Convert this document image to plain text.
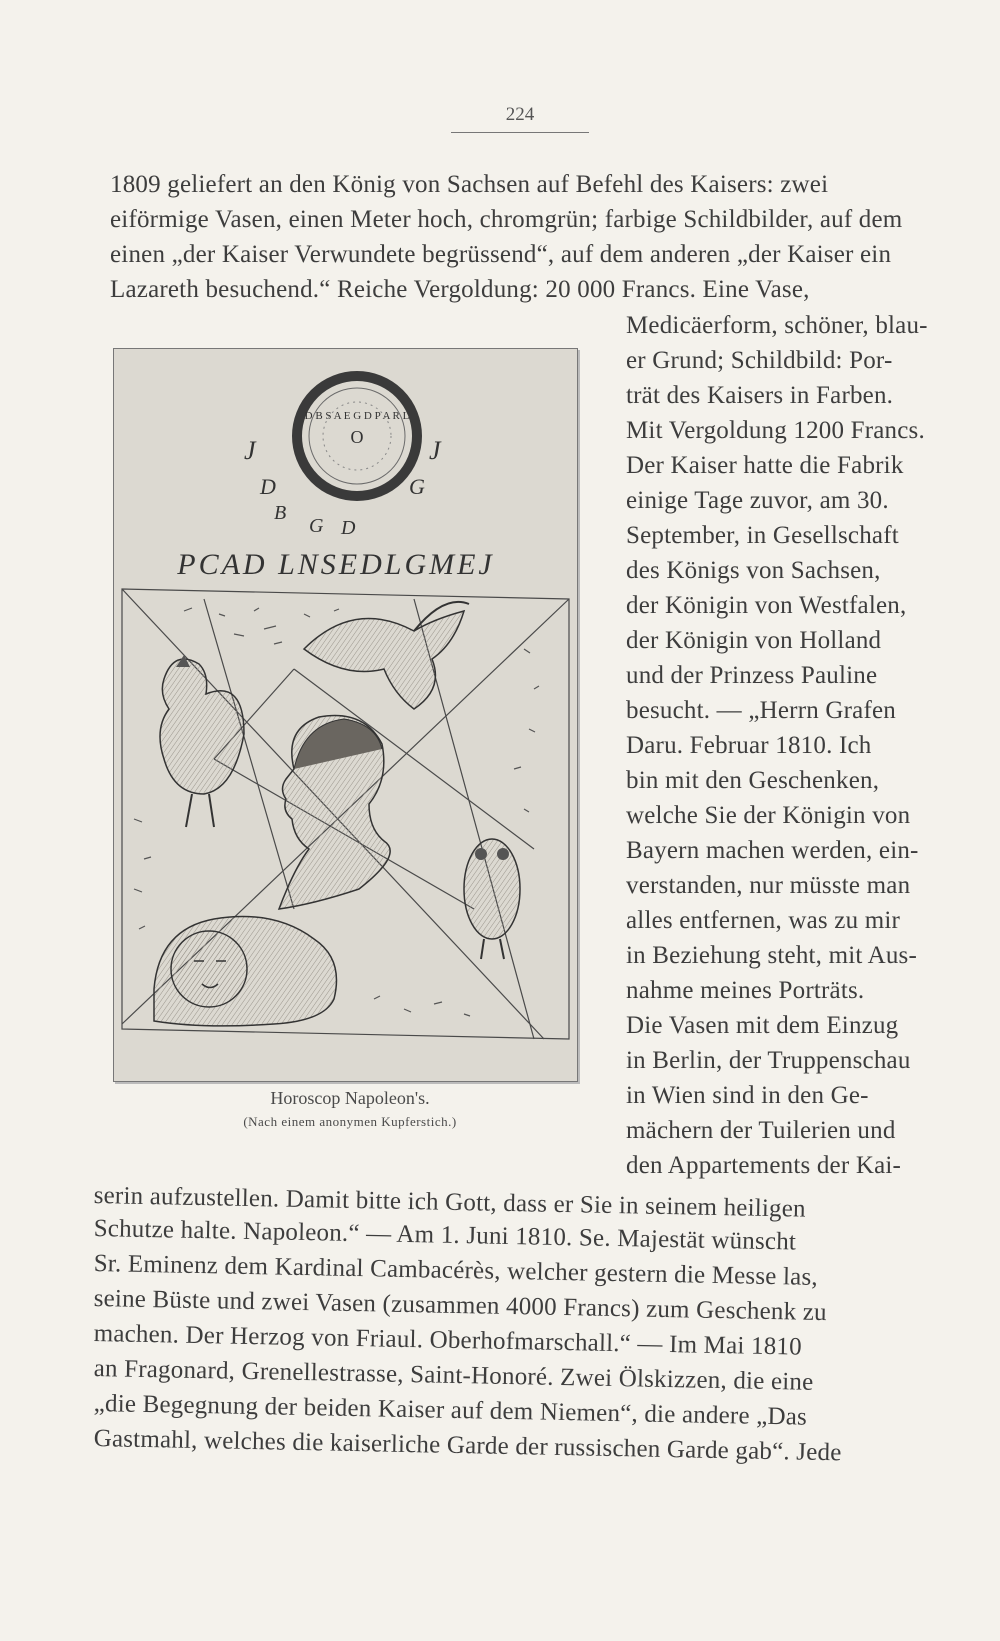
224
1809 geliefert an den König von Sachsen auf Befehl des Kaisers: zwei
eiförmige Vasen, einen Meter hoch, chromgrün; farbige Schildbilder, auf dem
einen „der Kaiser Verwundete begrüssend“, auf dem anderen „der Kaiser ein
Lazareth besuchend.“ Reiche Vergoldung: 20 000 Francs. Eine Vase,
Medicäerform, schöner, blau-
er Grund; Schildbild: Por-
trät des Kaisers in Farben.
Mit Vergoldung 1200 Francs.
Der Kaiser hatte die Fabrik
einige Tage zuvor, am 30.
September, in Gesellschaft
des Königs von Sachsen,
der Königin von Westfalen,
der Königin von Holland
und der Prinzess Pauline
besucht. — „Herrn Grafen
Daru. Februar 1810. Ich
bin mit den Geschenken,
welche Sie der Königin von
Bayern machen werden, ein-
verstanden, nur müsste man
alles entfernen, was zu mir
in Beziehung steht, mit Aus-
nahme meines Porträts.
Die Vasen mit dem Einzug
in Berlin, der Truppenschau
in Wien sind in den Ge-
mächern der Tuilerien und
den Appartements der Kai-
D B S A E G D P A R L
O
J
D
B
G D
J
G
PCAD LNSEDLGMEJ
Horoscop Napoleon's.
(Nach einem anonymen Kupferstich.)
serin aufzustellen. Damit bitte ich Gott, dass er Sie in seinem heiligen
Schutze halte. Napoleon.“ — Am 1. Juni 1810. Se. Majestät wünscht
Sr. Eminenz dem Kardinal Cambacérès, welcher gestern die Messe las,
seine Büste und zwei Vasen (zusammen 4000 Francs) zum Geschenk zu
machen. Der Herzog von Friaul. Oberhofmarschall.“ — Im Mai 1810
an Fragonard, Grenellestrasse, Saint-Honoré. Zwei Ölskizzen, die eine
„die Begegnung der beiden Kaiser auf dem Niemen“, die andere „Das
Gastmahl, welches die kaiserliche Garde der russischen Garde gab“. Jede
